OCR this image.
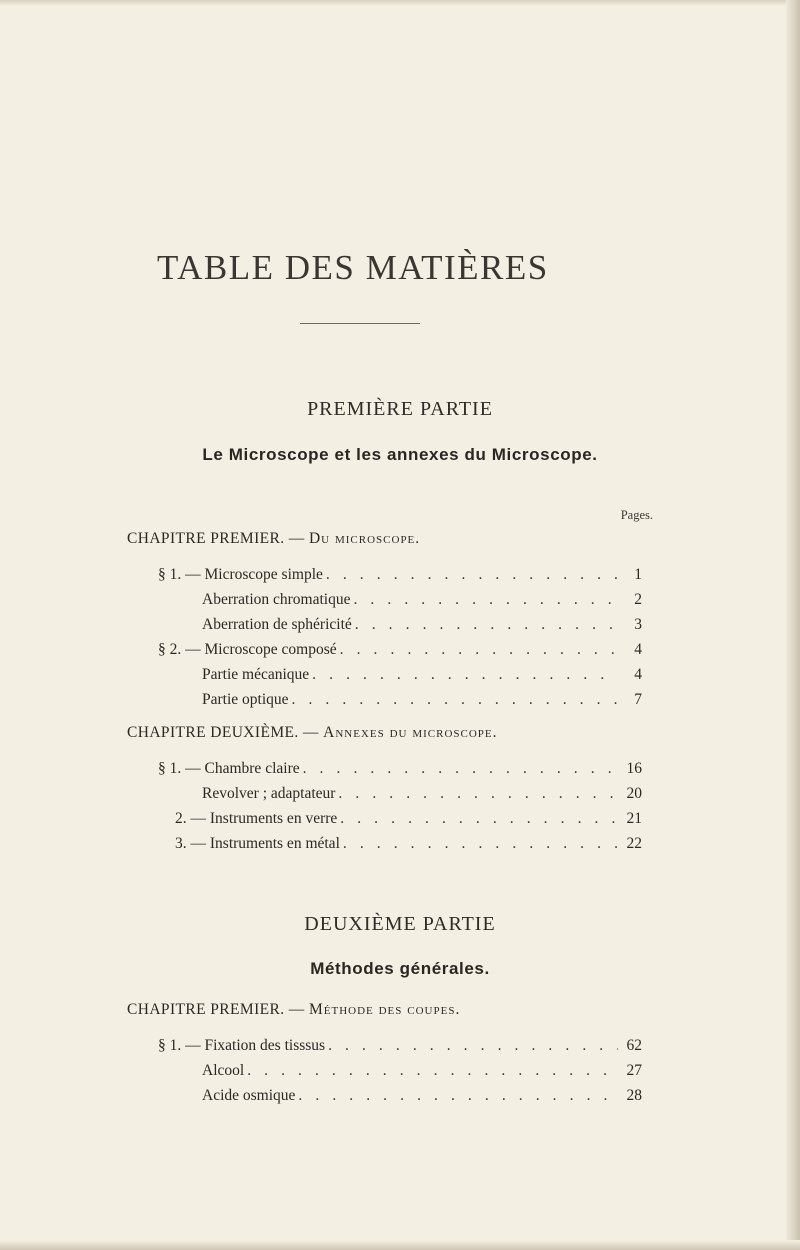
TABLE DES MATIÈRES
PREMIÈRE PARTIE
Le Microscope et les annexes du Microscope.
Pages.
CHAPITRE PREMIER. — Du microscope.
§ 1. — Microscope simple . . .	1
Aberration chromatique . . .	2
Aberration de sphéricité . . .	3
§ 2. — Microscope composé . . .	4
Partie mécanique . . .	4
Partie optique . . .	7
CHAPITRE DEUXIÈME. — Annexes du microscope.
§ 1. — Chambre claire . . .	16
Revolver ; adaptateur . . .	20
2. — Instruments en verre . . .	21
3. — Instruments en métal . . .	22
DEUXIÈME PARTIE
Méthodes générales.
CHAPITRE PREMIER. — Méthode des coupes.
§ 1. — Fixation des tisssus . . .	62
Alcool . . .	27
Acide osmique . . .	28
